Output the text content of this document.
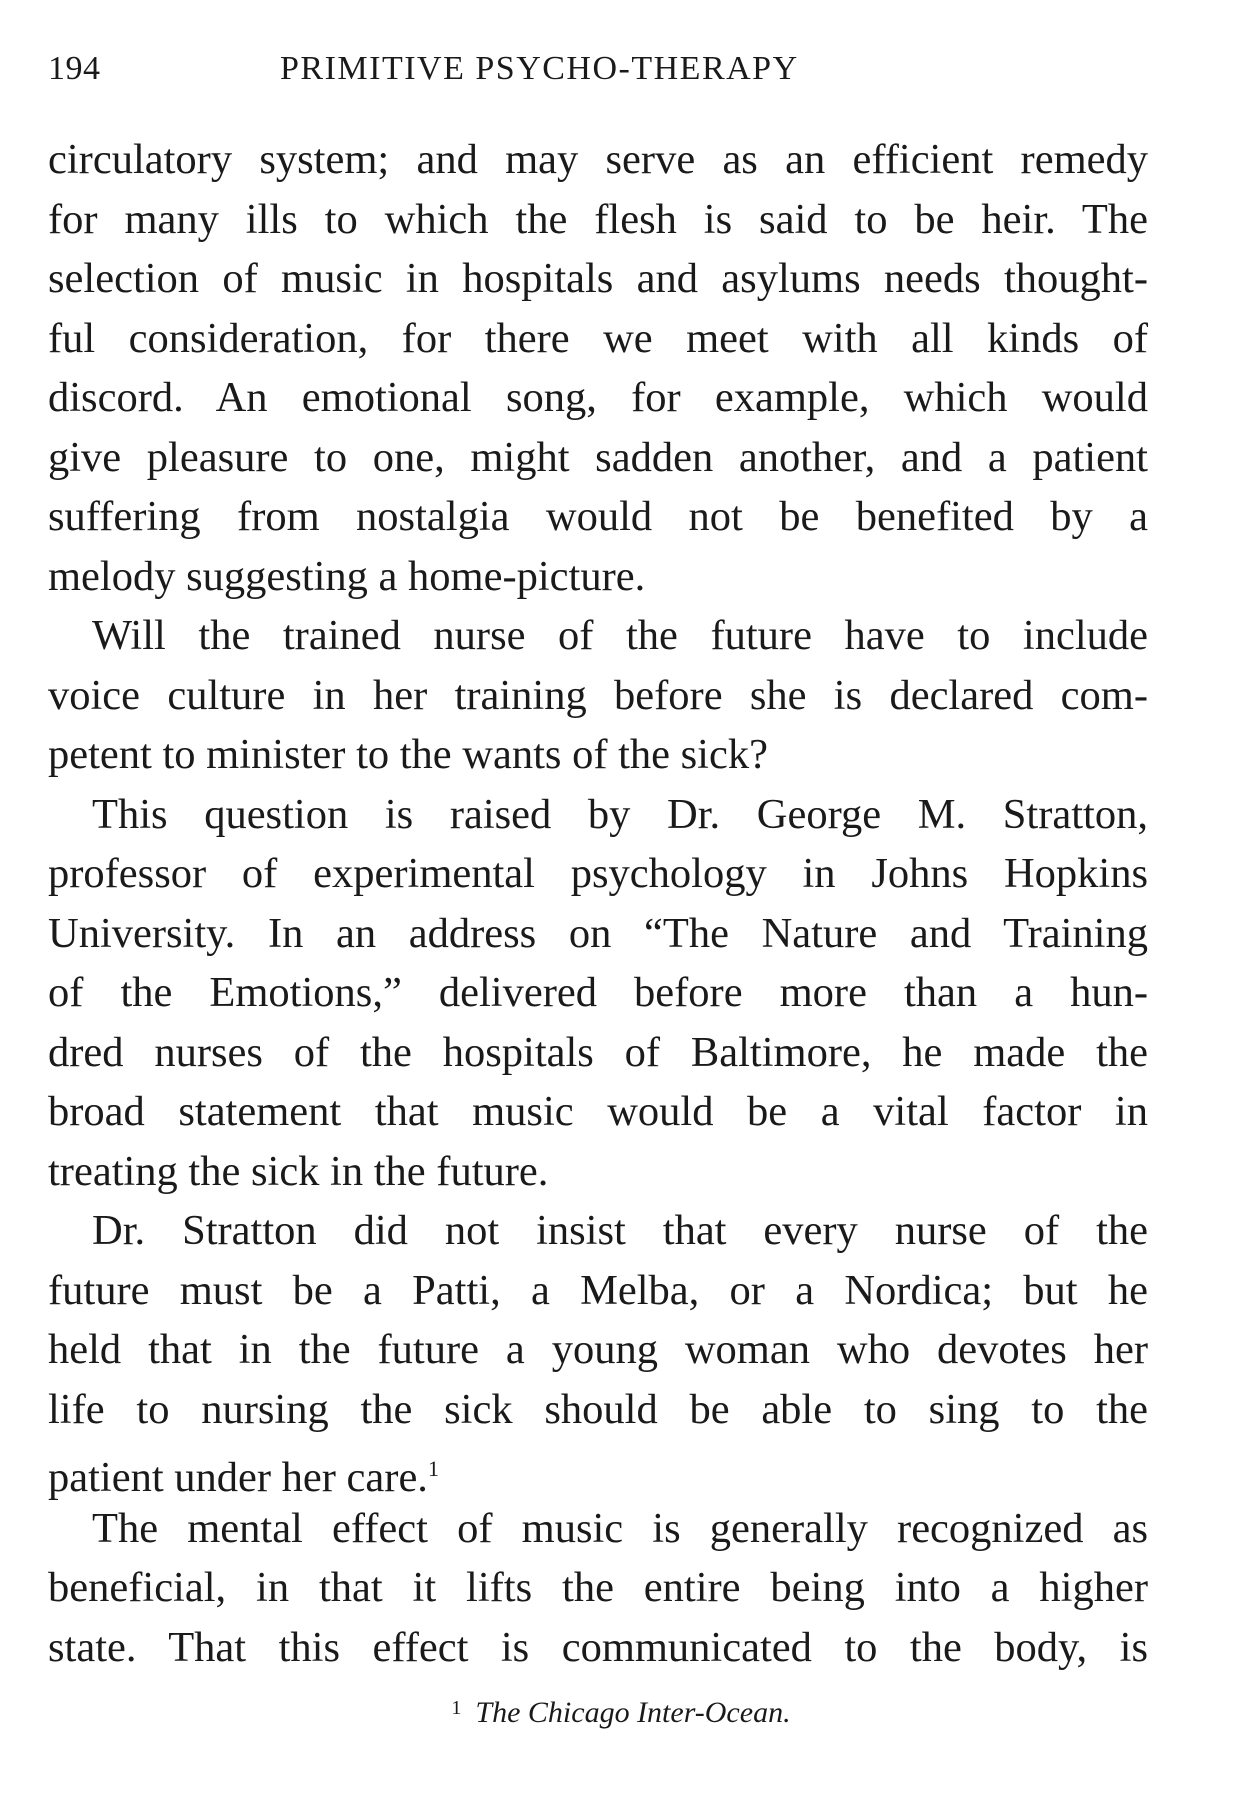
194	PRIMITIVE PSYCHO-THERAPY
circulatory system; and may serve as an efficient remedy
for many ills to which the flesh is said to be heir. The
selection of music in hospitals and asylums needs thought-
ful consideration, for there we meet with all kinds of
discord. An emotional song, for example, which would
give pleasure to one, might sadden another, and a patient
suffering from nostalgia would not be benefited by a
melody suggesting a home-picture.
Will the trained nurse of the future have to include
voice culture in her training before she is declared com-
petent to minister to the wants of the sick?
This question is raised by Dr. George M. Stratton,
professor of experimental psychology in Johns Hopkins
University. In an address on “The Nature and Training
of the Emotions,” delivered before more than a hun-
dred nurses of the hospitals of Baltimore, he made the
broad statement that music would be a vital factor in
treating the sick in the future.
Dr. Stratton did not insist that every nurse of the
future must be a Patti, a Melba, or a Nordica; but he
held that in the future a young woman who devotes her
life to nursing the sick should be able to sing to the
patient under her care.$^1$
The mental effect of music is generally recognized as
beneficial, in that it lifts the entire being into a higher
state. That this effect is communicated to the body, is
$^1$ The Chicago Inter-Ocean.
